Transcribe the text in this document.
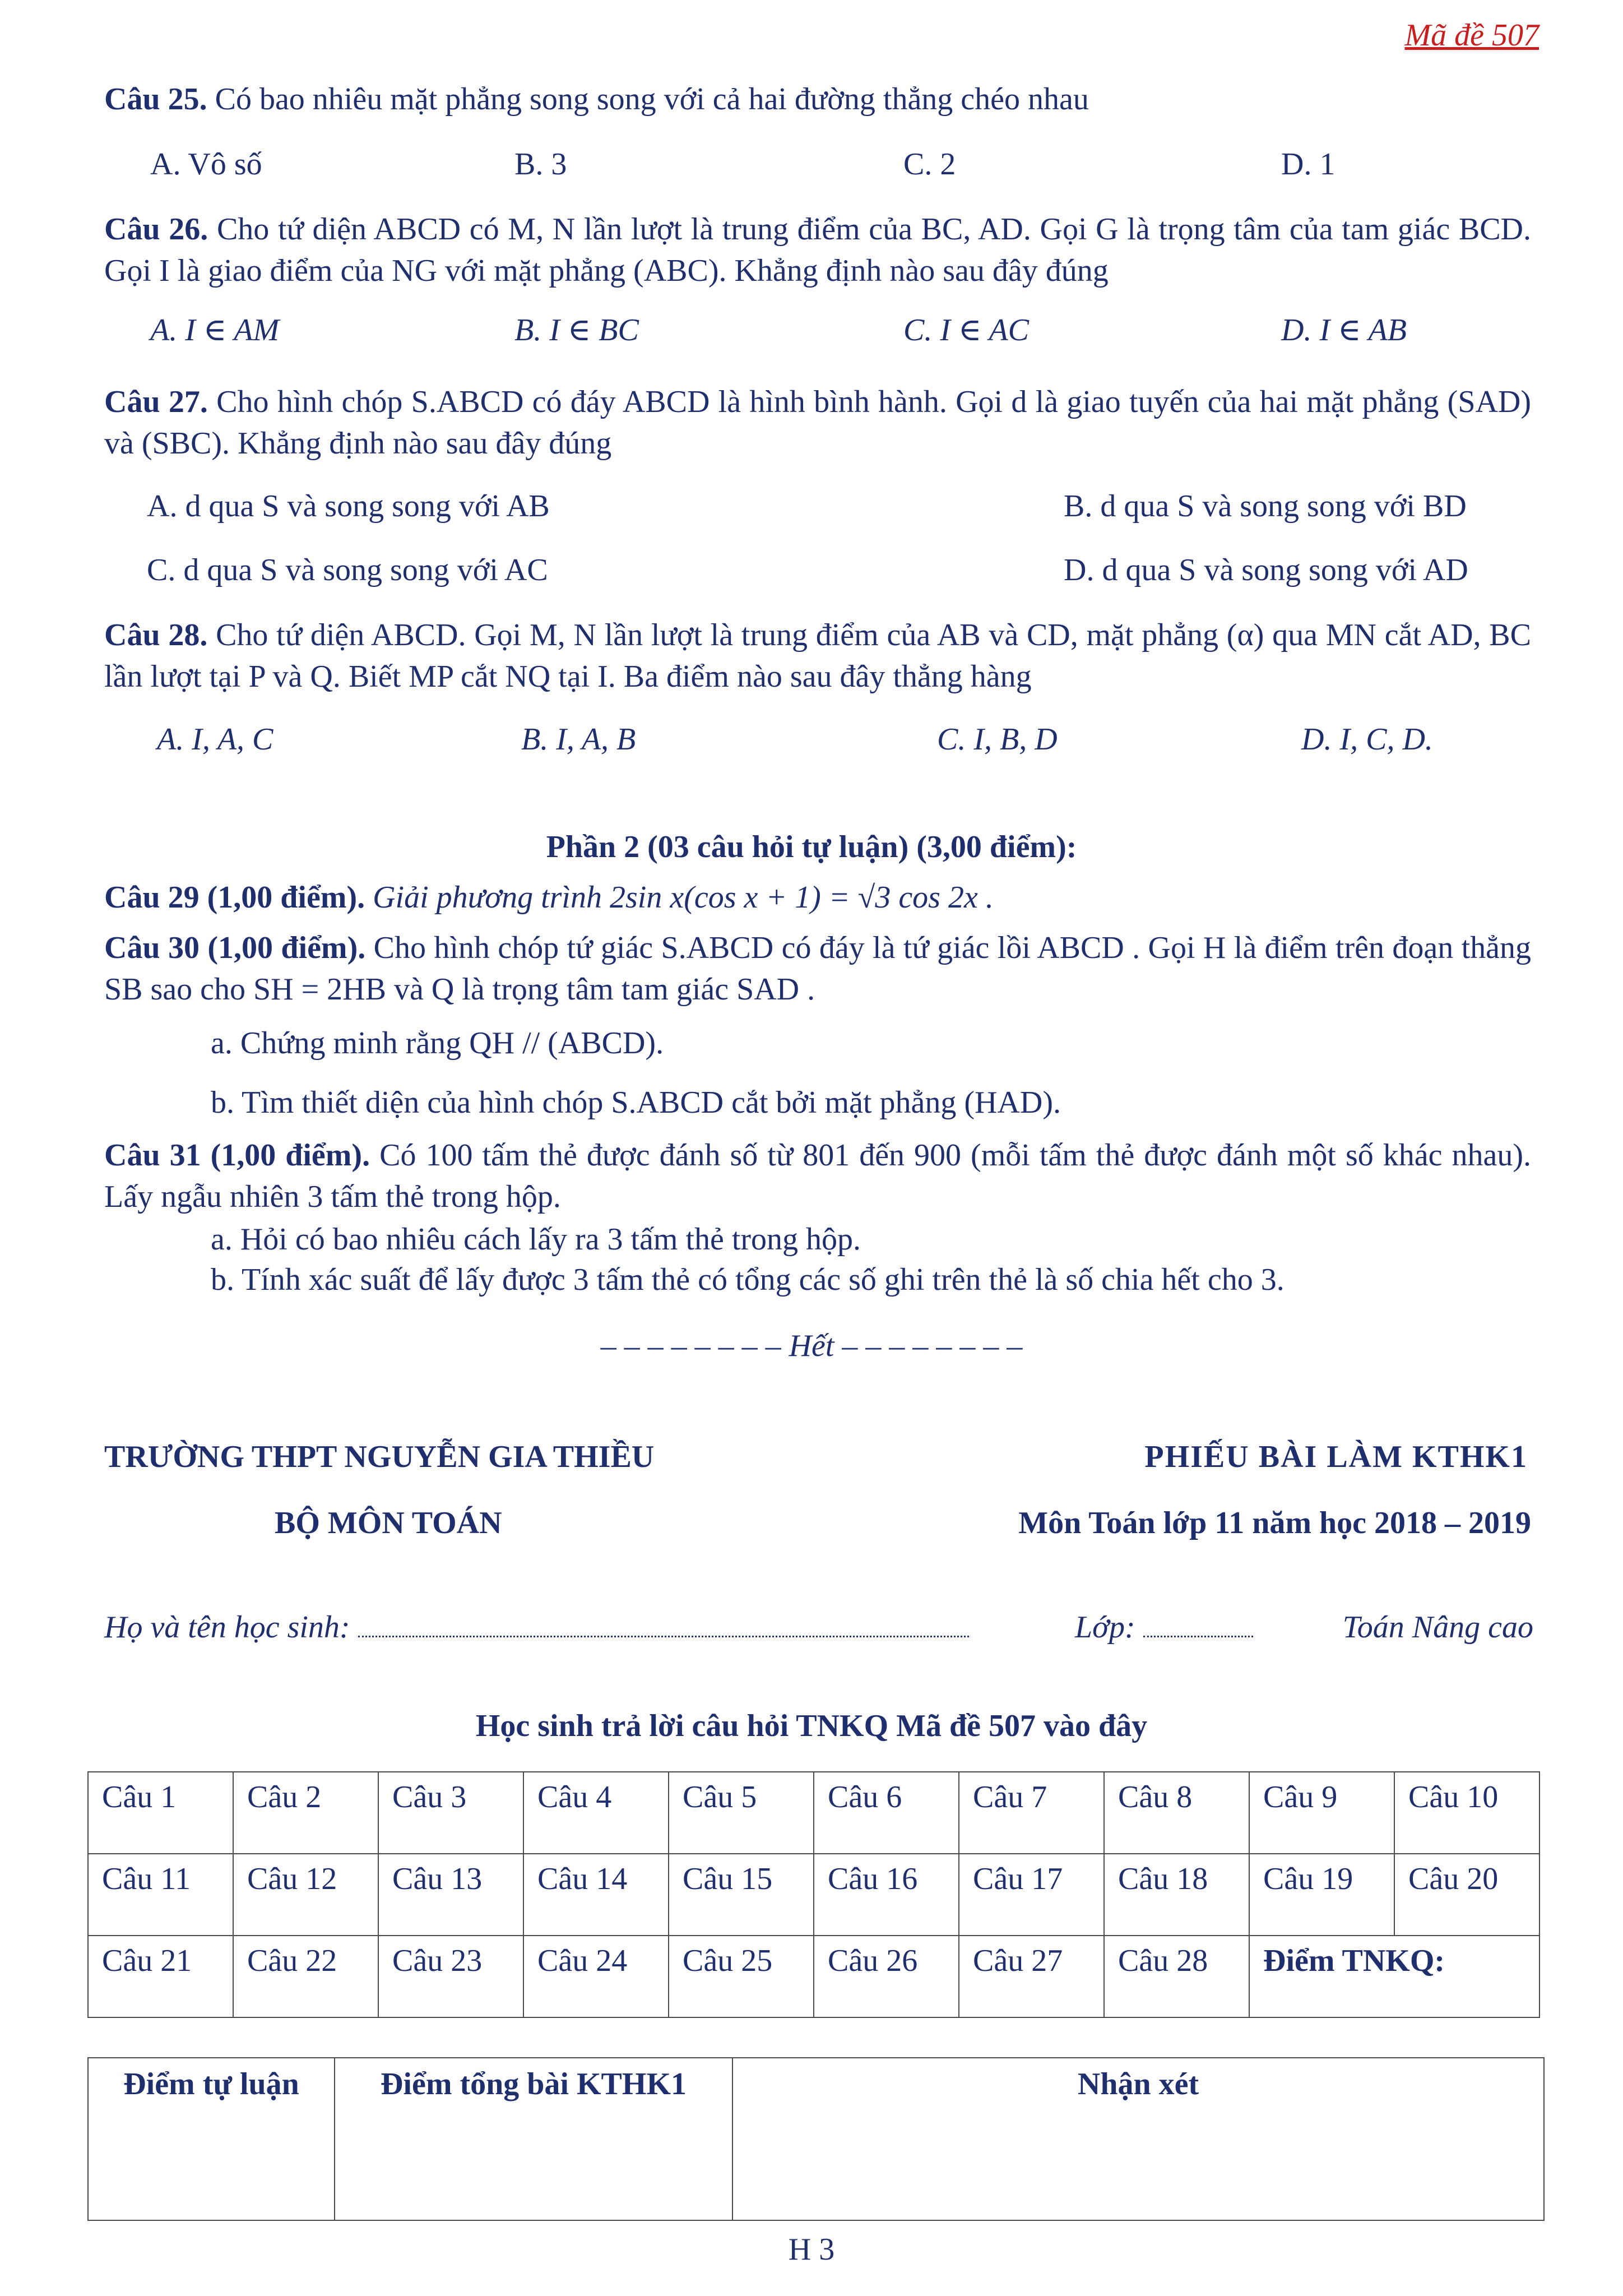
Mã đề 507
Câu 25. Có bao nhiêu mặt phẳng song song với cả hai đường thẳng chéo nhau
A. Vô số	B. 3	C. 2	D. 1
Câu 26. Cho tứ diện ABCD có M, N lần lượt là trung điểm của BC, AD. Gọi G là trọng tâm của tam giác BCD. Gọi I là giao điểm của NG với mặt phẳng (ABC). Khẳng định nào sau đây đúng
A. I ∈ AM	B. I ∈ BC	C. I ∈ AC	D. I ∈ AB
Câu 27. Cho hình chóp S.ABCD có đáy ABCD là hình bình hành. Gọi d là giao tuyến của hai mặt phẳng (SAD) và (SBC). Khẳng định nào sau đây đúng
A. d qua S và song song với AB	B. d qua S và song song với BD
C. d qua S và song song với AC	D. d qua S và song song với AD
Câu 28. Cho tứ diện ABCD. Gọi M, N lần lượt là trung điểm của AB và CD, mặt phẳng (α) qua MN cắt AD, BC lần lượt tại P và Q. Biết MP cắt NQ tại I. Ba điểm nào sau đây thẳng hàng
A. I, A, C	B. I, A, B	C. I, B, D	D. I, C, D.
Phần 2 (03 câu hỏi tự luận) (3,00 điểm):
Câu 29 (1,00 điểm). Giải phương trình 2sin x(cos x + 1) = √3 cos 2x .
Câu 30 (1,00 điểm). Cho hình chóp tứ giác S.ABCD có đáy là tứ giác lồi ABCD . Gọi H là điểm trên đoạn thẳng SB sao cho SH = 2HB và Q là trọng tâm tam giác SAD .
a. Chứng minh rằng QH // (ABCD).
b. Tìm thiết diện của hình chóp S.ABCD cắt bởi mặt phẳng (HAD).
Câu 31 (1,00 điểm). Có 100 tấm thẻ được đánh số từ 801 đến 900 (mỗi tấm thẻ được đánh một số khác nhau). Lấy ngẫu nhiên 3 tấm thẻ trong hộp.
a. Hỏi có bao nhiêu cách lấy ra 3 tấm thẻ trong hộp.
b. Tính xác suất để lấy được 3 tấm thẻ có tổng các số ghi trên thẻ là số chia hết cho 3.
– – – – – – – – Hết – – – – – – – –
TRƯỜNG THPT NGUYỄN GIA THIỀU
BỘ MÔN TOÁN
PHIẾU BÀI LÀM KTHK1
Môn Toán lớp 11 năm học 2018 – 2019
Họ và tên học sinh:	Lớp:	Toán Nâng cao
Học sinh trả lời câu hỏi TNKQ Mã đề 507 vào đây
Câu 1	Câu 2	Câu 3	Câu 4	Câu 5	Câu 6	Câu 7	Câu 8	Câu 9	Câu 10
Câu 11	Câu 12	Câu 13	Câu 14	Câu 15	Câu 16	Câu 17	Câu 18	Câu 19	Câu 20
Câu 21	Câu 22	Câu 23	Câu 24	Câu 25	Câu 26	Câu 27	Câu 28	Điểm TNKQ:	
Điểm tự luận	Điểm tổng bài KTHK1	Nhận xét
H 3
